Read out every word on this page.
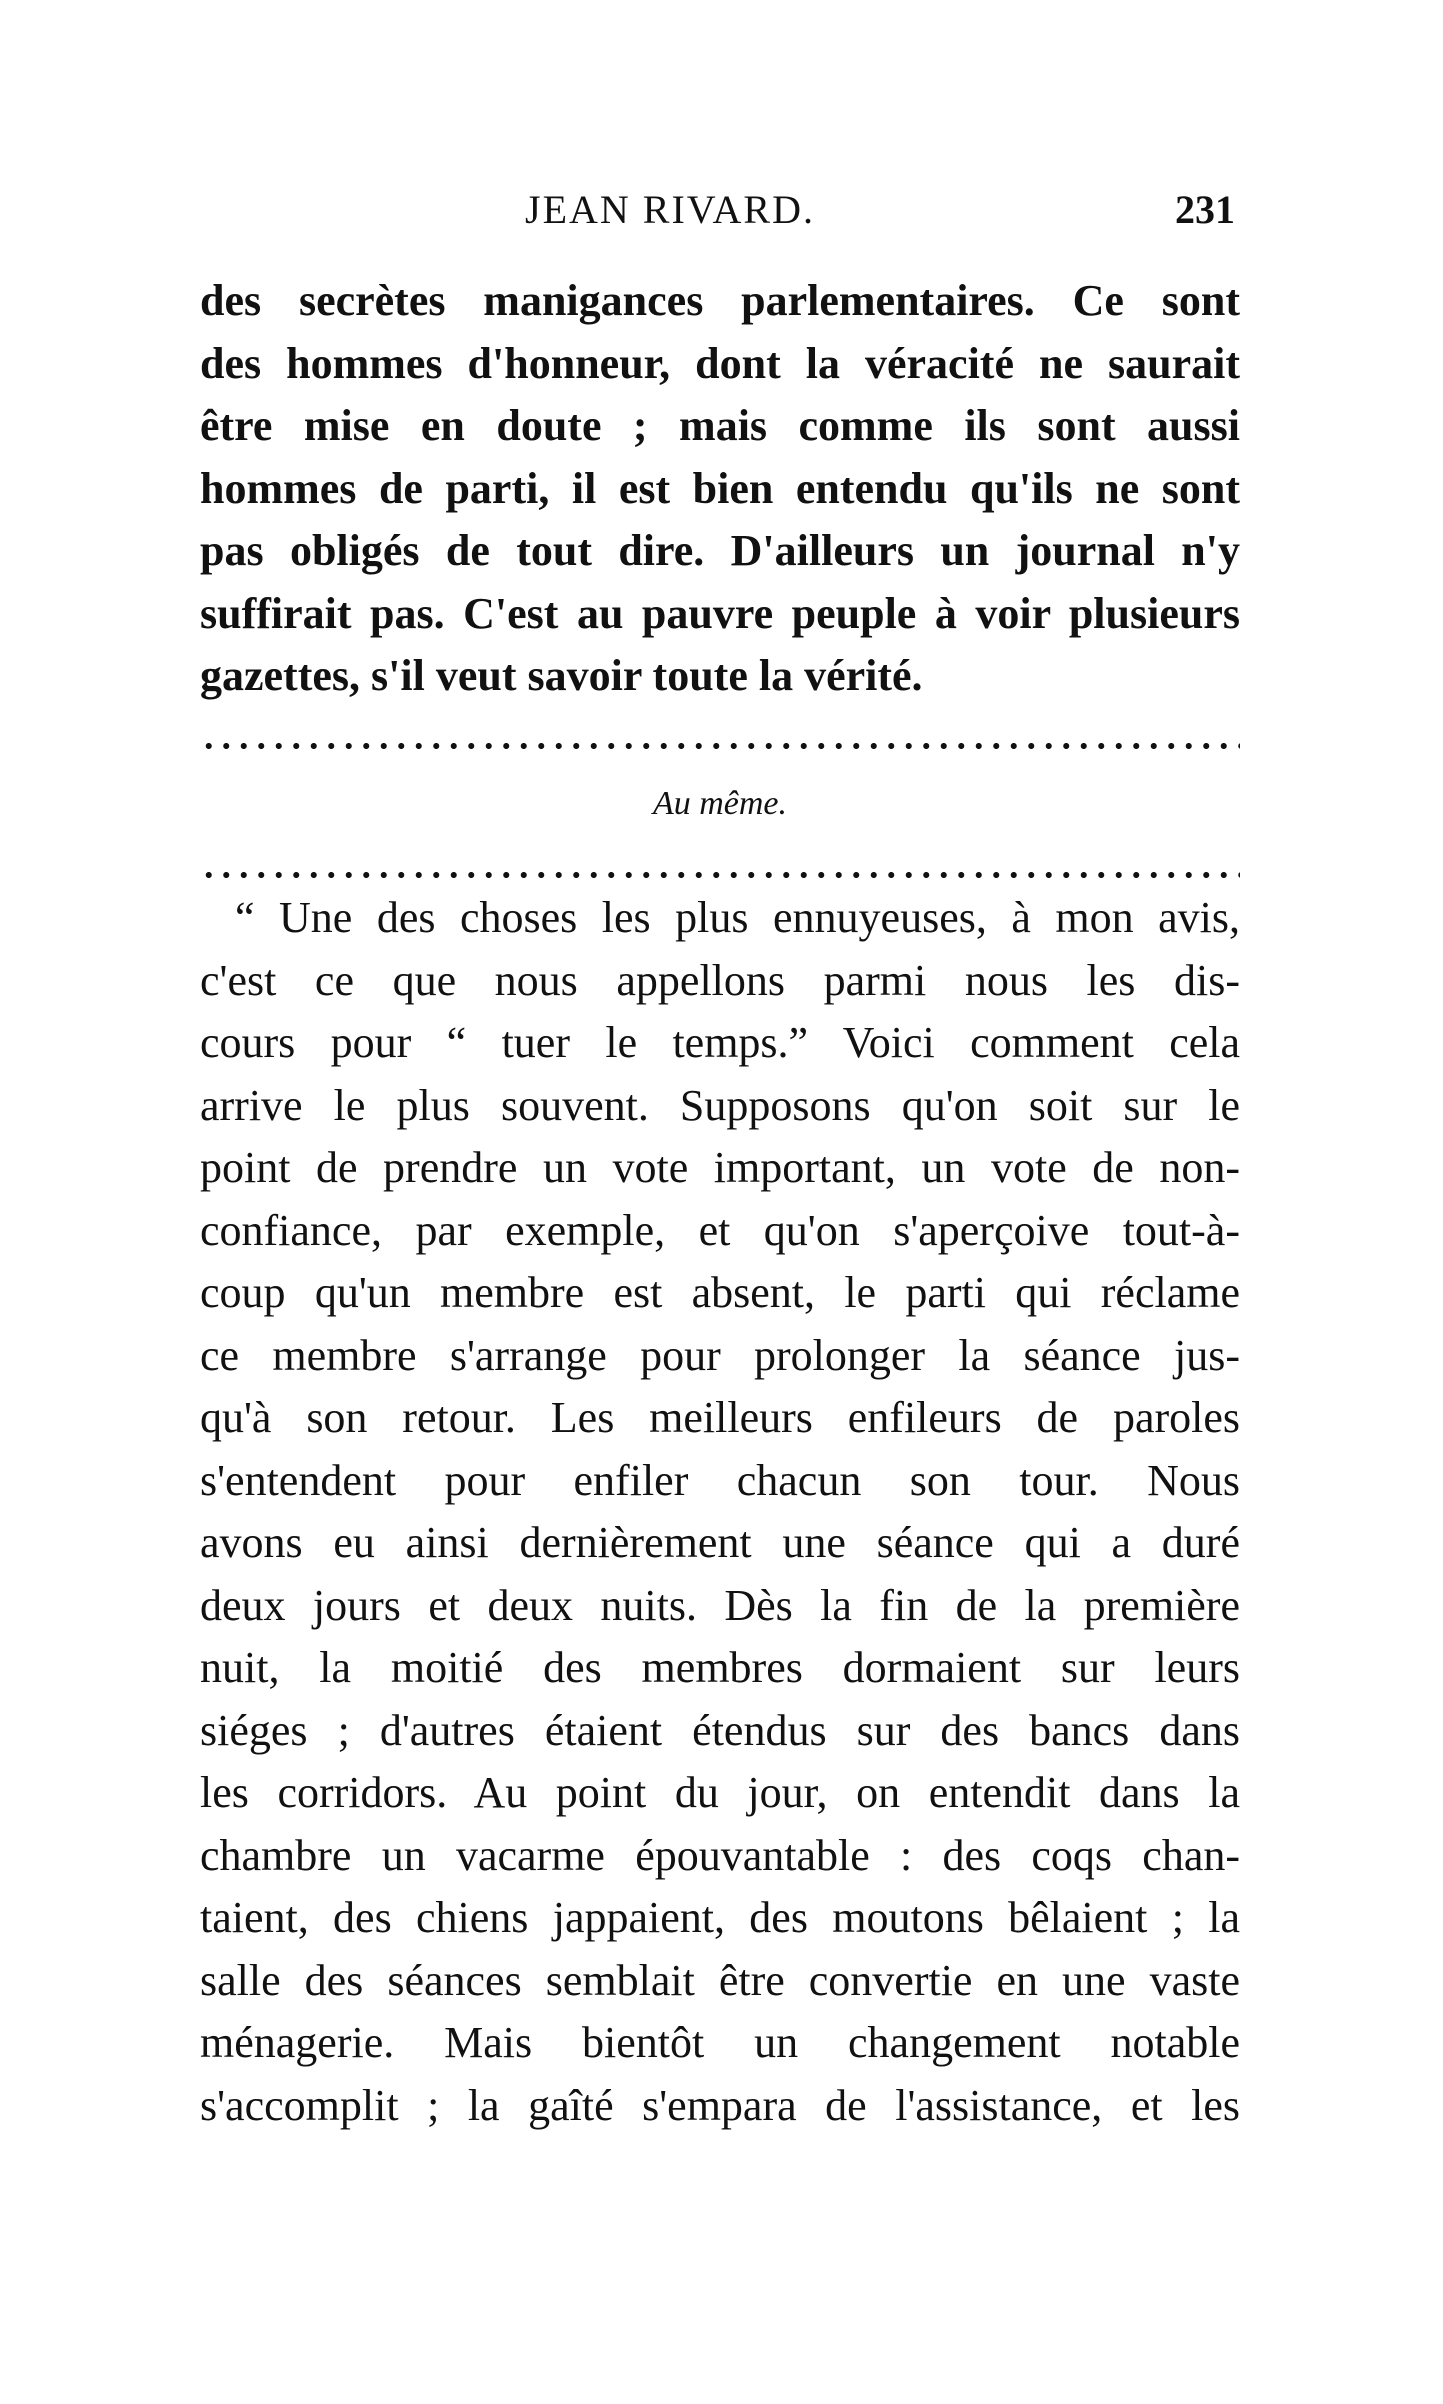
JEAN RIVARD.	231

des secrètes manigances parlementaires. Ce sont

des hommes d'honneur, dont la véracité ne saurait

être mise en doute ; mais comme ils sont aussi

hommes de parti, il est bien entendu qu'ils ne sont

pas obligés de tout dire. D'ailleurs un journal n'y

suffirait pas. C'est au pauvre peuple à voir plusieurs

gazettes, s'il veut savoir toute la vérité.

Au même.

“ Une des choses les plus ennuyeuses, à mon avis,

c'est ce que nous appellons parmi nous les dis-

cours pour “ tuer le temps.” Voici comment cela

arrive le plus souvent. Supposons qu'on soit sur le

point de prendre un vote important, un vote de non-

confiance, par exemple, et qu'on s'aperçoive tout-à-

coup qu'un membre est absent, le parti qui réclame

ce membre s'arrange pour prolonger la séance jus-

qu'à son retour. Les meilleurs enfileurs de paroles

s'entendent pour enfiler chacun son tour. Nous

avons eu ainsi dernièrement une séance qui a duré

deux jours et deux nuits. Dès la fin de la première

nuit, la moitié des membres dormaient sur leurs

siéges ; d'autres étaient étendus sur des bancs dans

les corridors. Au point du jour, on entendit dans la

chambre un vacarme épouvantable : des coqs chan-

taient, des chiens jappaient, des moutons bêlaient ; la

salle des séances semblait être convertie en une vaste

ménagerie. Mais bientôt un changement notable

s'accomplit ; la gaîté s'empara de l'assistance, et les
